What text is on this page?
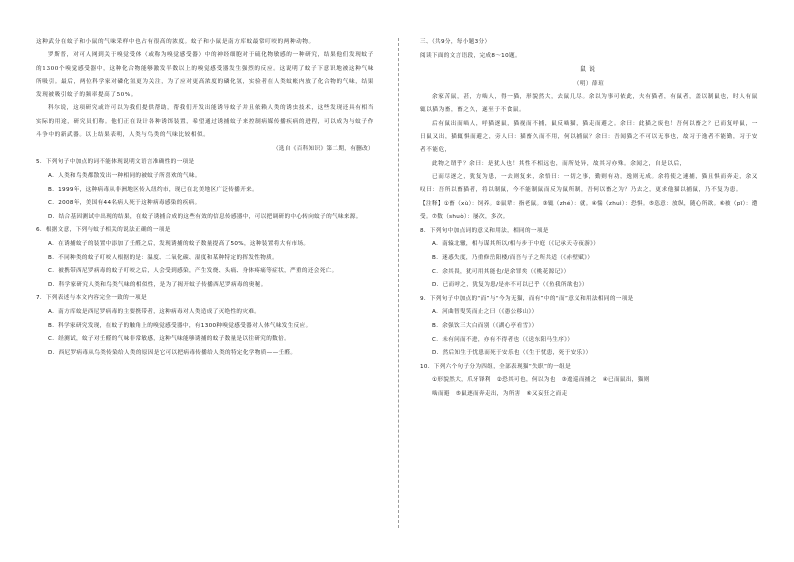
这种武分在蚊子和小鼠的气味采样中也占有很高的浓度。蚊子和小鼠是南方库蚊最常叮咬的两种动物。

罗斯普，对可人网到关于嗅觉受体（或称为嗅觉感受器）中的神经细胞对于硫化物敏感的一种研究，结果他们发现蚊子的1300个嗅觉感受器中，这种化合物能够激发半数以上的嗅觉感受器发生强烈的反应。这说明了蚊子下意识地被这种气味所吸引。最后，两位科学家对磷化氢更为关注，为了应对更高浓度的磷化氢，实验者在人类蚊帐内放了化合物的气味，结果发现被吸引蚊子的频率提高了50%。

科尔说，这项研究或许可以为我们提供帮助，帮我们开发出能诱导蚊子并且依赖人类的诱虫技术，这些发现还具有相当实际的用途，研究员们称。他们正在设计各种诱饵装置，希望通过诱捕蚊子来控制病媒传播疾病的进程，可以成为与蚊子作斗争中的新武器。以上结果表明，人类与鸟类的气味比较相似。

（选自《百科知识》第二期，有删改）

5．下列句子中加点的词不能体现说明文语言准确性的一项是

A．人类和鸟类都散发出一种相同的被蚊子所喜欢的气味。

B．1999年，这种病毒从非洲地区传入纽约市，现已在北美地区广泛传播开来。

C．2008年，美国有44名病人死于这种病毒感染的疾病。

D．结合基因测试中出现的结果，在蚊子诱捕合成的这些有效的信息传感器中，可以把调研的中心转向蚊子的气味来源。

6．根据文意，下列与蚊子相关的说法正确的一项是

A．在诱捕蚊子的装置中添加了壬醛之后，发现诱捕的蚊子数量提高了50%，这种装置将大有市场。

B．不同种类的蚊子叮咬人根据的是：温度、二氧化碳、湿度和某种特定的挥发性物质。

C．被携带西尼罗病毒的蚊子叮咬之后，人会受到感染，产生发烧、头痛、身体疼痛等症状，严重的还会死亡。

D．科学家研究人类和鸟类气味的相似性，是为了揭开蚊子传播西尼罗病毒的奥秘。

7．下列表述与本文内容完全一致的一项是

A．南方库蚊是西尼罗病毒的主要携带者，这种病毒对人类造成了灭绝性的灾难。

B．科学家研究发现，在蚊子的触角上的嗅觉感受器中，有1300种嗅觉感受器对人体气味发生反应。

C．经测试，蚊子对壬醛的气味非常敏感，这种气味能够诱捕的蚊子数量是以往研究的数倍。

D．西尼罗病毒从鸟类传染给人类的原因是它可以把病毒传播给人类的特定化学物质——壬醛。

三、（共9分，每小题3分）

阅读下面的文言语段，完成8～10题。

鼠说

（明）薛瑄

余家苦鼠，甚，方啮人，得一猫，形貌然大，去鼠几尽。余以为事可依此，夫有猫者，有鼠者，盖以制鼠也，时人有鼠辄以猫为畜，畜之久，遂至于不食鼠。

后有鼠出而啮人，呼猫逐鼠，猫视而不捕，鼠反啮猫，猫走而避之。余曰：此猫之废也！吾何以畜之？已而复呼鼠，一日鼠又出，猫辄惧而避之，旁人曰：猫畜久而不用，何以捕鼠？余曰：吾闻猫之不可以无事也，故习于逸者不能勤，习于安者不能危，

此物之谓乎？余曰：是犹人也！其性不相远也，而所处异，故其习亦殊。余闻之，自是以后，

已而尽逐之，犹复为患，一去则复来，余悟曰：一切之事，勤则有功，逸则无成。余将使之速捕，猫且惧而奔走，余又叹曰：吾所以畜猫者，将以制鼠，今不能制鼠而反为鼠所制，吾何以畜之为？乃去之，更求他猫以捕鼠，乃不复为患。

【注释】①畜（xù）：饲养。②鼠辈：指老鼠。③辄（zhé）：就。④惴（zhuì）：恐惧。⑤恣意：放纵，随心所欲。⑥被（pī）：遭受。⑦数（shuò）：屡次，多次。

8．下列句中加点词的意义和用法，相同的一项是

A．南辕北辙，相与谋其所以/相与步于中庭（《记承天寺夜游》）

B．迷惑失度，乃重修岳阳楼/而吾与子之所共适（《赤壁赋》）

C．余其畏，犹可用其能也/是余罪矣（《桃花源记》）

D．已而呼之，犹复为患/是亦不可以已乎（《鱼我所欲也》）

9．下列句子中加点的“而”与“今为无猫，而有”中的“而”意义和用法相同的一项是

A．河曲智叟笑而止之曰（《愚公移山》）

B．余强饮三大白而别（《湖心亭看雪》）

C．未有问而不进，亦有不得者也（《送东阳马生序》）

D．然后知生于忧患而死于安乐也（《生于忧患，死于安乐》）

10．下列六个句子分为四组，全部表现猫“失职”的一组是

①形貌然大，爪牙锋利　②恐其可也，何以为也　③逡巡而捕之　④已而鼠出，猫则

啮而避　⑤鼠逐而奔走出，为所害　⑥又妄狂之而走
